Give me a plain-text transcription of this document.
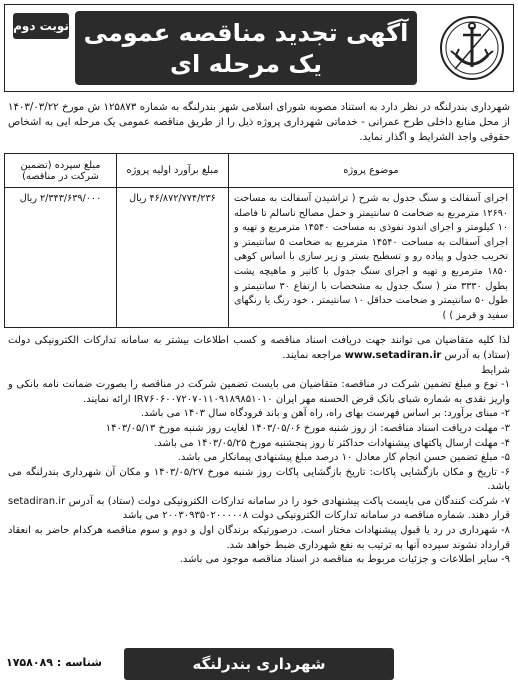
آگهی تجدید مناقصه عمومی
یک مرحله ای
نوبت دوم
شهرداری بندرلنگه در نظر دارد به استناد مصوبه شورای اسلامی شهر بندرلنگه به شماره ۱۲۵۸۷۳ ش مورخ ۱۴۰۳/۰۳/۲۲ از محل منابع داخلی طرح عمرانی - خدماتی شهرداری پروژه ذیل را از طریق مناقصه عمومی یک مرحله ایی به اشخاص حقوقی واجد الشرایط و اگذار نماید.
موضوع پروژه	مبلغ برآورد اولیه پروژه	مبلغ سپرده (تضمین شرکت در مناقصه)
اجرای آسفالت و سنگ جدول به شرح ( تراشیدن آسفالت به مساحت ۱۲۶۹۰ مترمربع به ضخامت ۵ سانتیمتر و حمل مصالح ناسالم تا فاصله ۱۰ کیلومتر و اجرای اندود نفوذی به مساحت ۱۴۵۴۰ مترمربع و تهیه و اجرای آسفالت به مساحت ۱۴۵۴۰ مترمربع به ضخامت ۵ سانتیمتر و تخریب جدول و پیاده رو و تسطیح بستر و زیر سازی با اساس کوهی ۱۸۵۰ مترمربع و تهیه و اجرای سنگ جدول با کاتیر و ماهیچه پشت بطول ۳۳۳۰ متر ( سنگ جدول به مشخصات با ارتفاع ۳۰ سانتیمتر و طول ۵۰ سانتیمتر و ضخامت حداقل ۱۰ سانتیمتر ، خود رنگ یا رنگهای سفید و قرمز ) )	۴۶/۸۷۲/۷۷۴/۲۳۶ ریال	۲/۳۴۳/۶۳۹/۰۰۰ ریال

لذا کلیه متقاضیان می توانند جهت دریافت اسناد مناقصه و کسب اطلاعات بیشتر به سامانه تدارکات الکترونیکی دولت (ستاد) به آدرس www.setadiran.ir مراجعه نمایند.

شرایط

۱- نوع و مبلغ تضمین شرکت در مناقصه: متقاضیان می بایست تضمین شرکت در مناقصه را بصورت ضمانت نامه بانکی و واریز نقدی به شماره شبای بانک قرض الحسنه مهر ایران IR۷۶۰۶۰۰۷۲۰۷۰۱۱۰۹۱۸۹۸۵۱۰۱۰ ارائه نمایند.

۲- مبنای برآورد: بر اساس فهرست بهای راه، راه آهن و باند فرودگاه سال ۱۴۰۳ می باشد.

۳- مهلت دریافت اسناد مناقصه: از روز شنبه مورخ ۱۴۰۳/۰۵/۰۶ لغایت روز شنبه مورخ ۱۴۰۳/۰۵/۱۳

۴- مهلت ارسال پاکتهای پیشنهادات حداکثر تا روز پنجشنبه مورخ ۱۴۰۳/۰۵/۲۵ می باشد.

۵- مبلغ تضمین حسن انجام کار معادل ۱۰ درصد مبلغ پیشنهادی پیمانکار می باشد.

۶- تاریخ و مکان بازگشایی پاکات: تاریخ بازگشایی پاکات روز شنبه مورخ ۱۴۰۳/۰۵/۲۷ و مکان آن شهرداری بندرلنگه می باشد.

۷- شرکت کنندگان می بایست پاکت پیشنهادی خود را در سامانه تدارکات الکترونیکی دولت (ستاد) به آدرس setadiran.ir قرار دهند. شماره مناقصه در سامانه تدارکات الکترونیکی دولت ۲۰۰۳۰۹۳۵۰۲۰۰۰۰۰۸ می باشد

۸- شهرداری در رد یا قبول پیشنهادات مختار است. درصورتیکه برندگان اول و دوم و سوم مناقصه هرکدام حاضر به انعقاد قرارداد نشوند سپرده آنها به ترتیب به نفع شهرداری ضبط خواهد شد.

۹- سایر اطلاعات و جزئیات مربوط به مناقصه در اسناد مناقصه موجود می باشد.

شهرداری بندرلنگه
شناسه : ۱۷۵۸۰۸۹
